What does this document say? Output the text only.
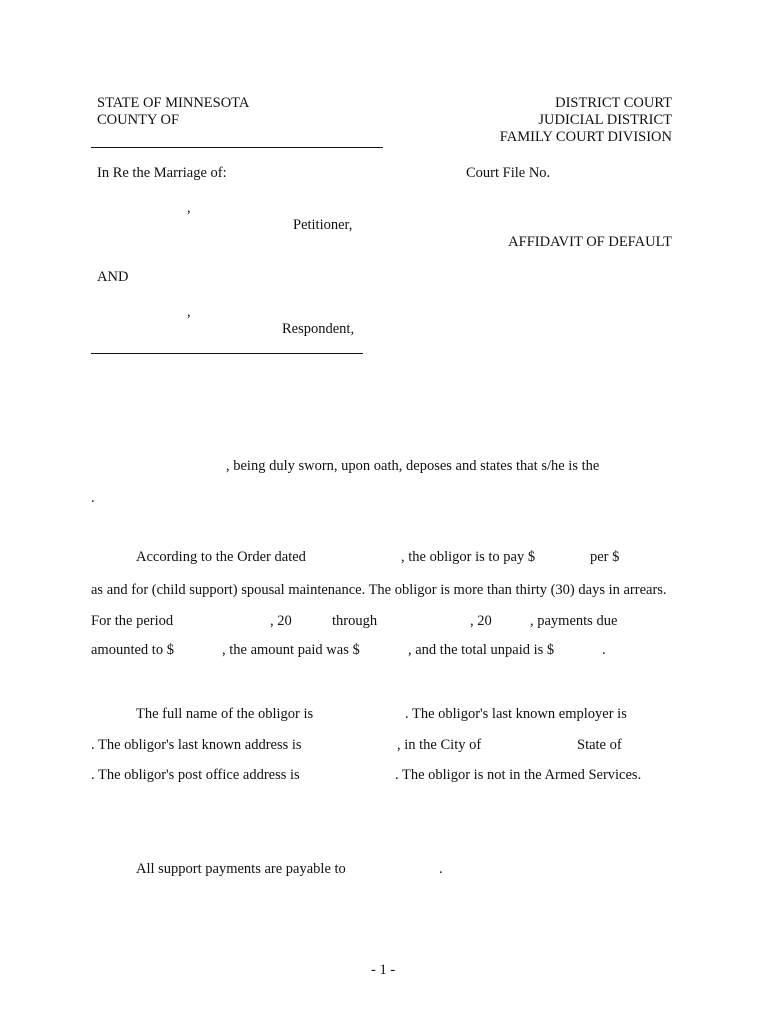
STATE OF MINNESOTA
COUNTY OF
DISTRICT COURT
JUDICIAL DISTRICT
FAMILY COURT DIVISION
In Re the Marriage of:	Court File No.
,
Petitioner,
AFFIDAVIT OF DEFAULT
AND
,
Respondent,
, being duly sworn, upon oath, deposes and states that s/he is the
.
According to the Order dated	, the obligor is to pay $	per $
as and for (child support) spousal maintenance. The obligor is more than thirty (30) days in arrears.
For the period	, 20	through	, 20	, payments due
amounted to $	, the amount paid was $	, and the total unpaid is $	.
The full name of the obligor is	. The obligor's last known employer is
. The obligor's last known address is	, in the City of	State of
. The obligor's post office address is	. The obligor is not in the Armed Services.
All support payments are payable to	.
- 1 -
